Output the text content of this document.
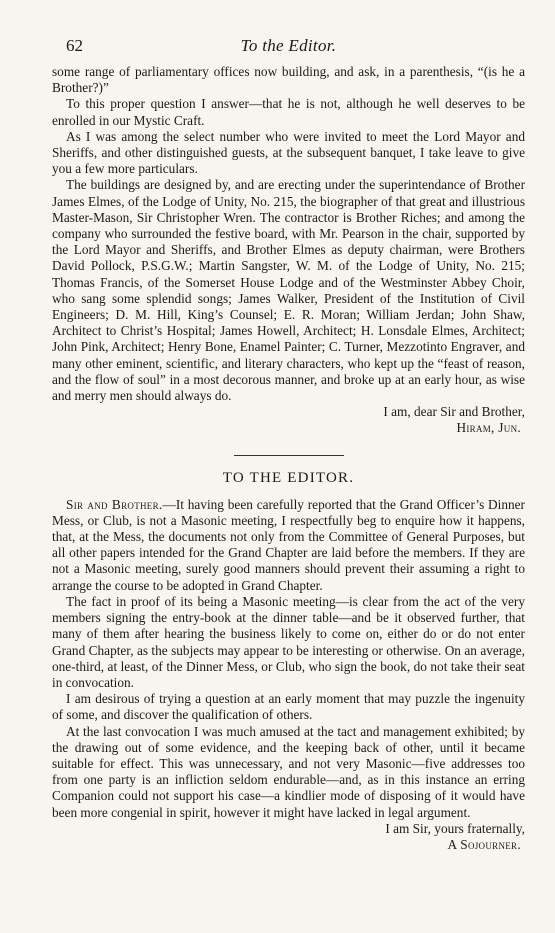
62	To the Editor.

some range of parliamentary offices now building, and ask, in a parenthesis, “(is he a Brother?)”

To this proper question I answer—that he is not, although he well deserves to be enrolled in our Mystic Craft.

As I was among the select number who were invited to meet the Lord Mayor and Sheriffs, and other distinguished guests, at the subsequent banquet, I take leave to give you a few more particulars.

The buildings are designed by, and are erecting under the superintendance of Brother James Elmes, of the Lodge of Unity, No. 215, the biographer of that great and illustrious Master-Mason, Sir Christopher Wren. The contractor is Brother Riches; and among the company who surrounded the festive board, with Mr. Pearson in the chair, supported by the Lord Mayor and Sheriffs, and Brother Elmes as deputy chairman, were Brothers David Pollock, P.S.G.W.; Martin Sangster, W. M. of the Lodge of Unity, No. 215; Thomas Francis, of the Somerset House Lodge and of the Westminster Abbey Choir, who sang some splendid songs; James Walker, President of the Institution of Civil Engineers; D. M. Hill, King’s Counsel; E. R. Moran; William Jerdan; John Shaw, Architect to Christ’s Hospital; James Howell, Architect; H. Lonsdale Elmes, Architect; John Pink, Architect; Henry Bone, Enamel Painter; C. Turner, Mezzotinto Engraver, and many other eminent, scientific, and literary characters, who kept up the “feast of reason, and the flow of soul” in a most decorous manner, and broke up at an early hour, as wise and merry men should always do.

I am, dear Sir and Brother,

Hiram, Jun.

TO THE EDITOR.

Sir and Brother.—It having been carefully reported that the Grand Officer’s Dinner Mess, or Club, is not a Masonic meeting, I respectfully beg to enquire how it happens, that, at the Mess, the documents not only from the Committee of General Purposes, but all other papers intended for the Grand Chapter are laid before the members. If they are not a Masonic meeting, surely good manners should prevent their assuming a right to arrange the course to be adopted in Grand Chapter.

The fact in proof of its being a Masonic meeting—is clear from the act of the very members signing the entry-book at the dinner table—and be it observed further, that many of them after hearing the business likely to come on, either do or do not enter Grand Chapter, as the subjects may appear to be interesting or otherwise. On an average, one-third, at least, of the Dinner Mess, or Club, who sign the book, do not take their seat in convocation.

I am desirous of trying a question at an early moment that may puzzle the ingenuity of some, and discover the qualification of others.

At the last convocation I was much amused at the tact and management exhibited; by the drawing out of some evidence, and the keeping back of other, until it became suitable for effect. This was unnecessary, and not very Masonic—five addresses too from one party is an infliction seldom endurable—and, as in this instance an erring Companion could not support his case—a kindlier mode of disposing of it would have been more congenial in spirit, however it might have lacked in legal argument.

I am Sir, yours fraternally,

A Sojourner.
